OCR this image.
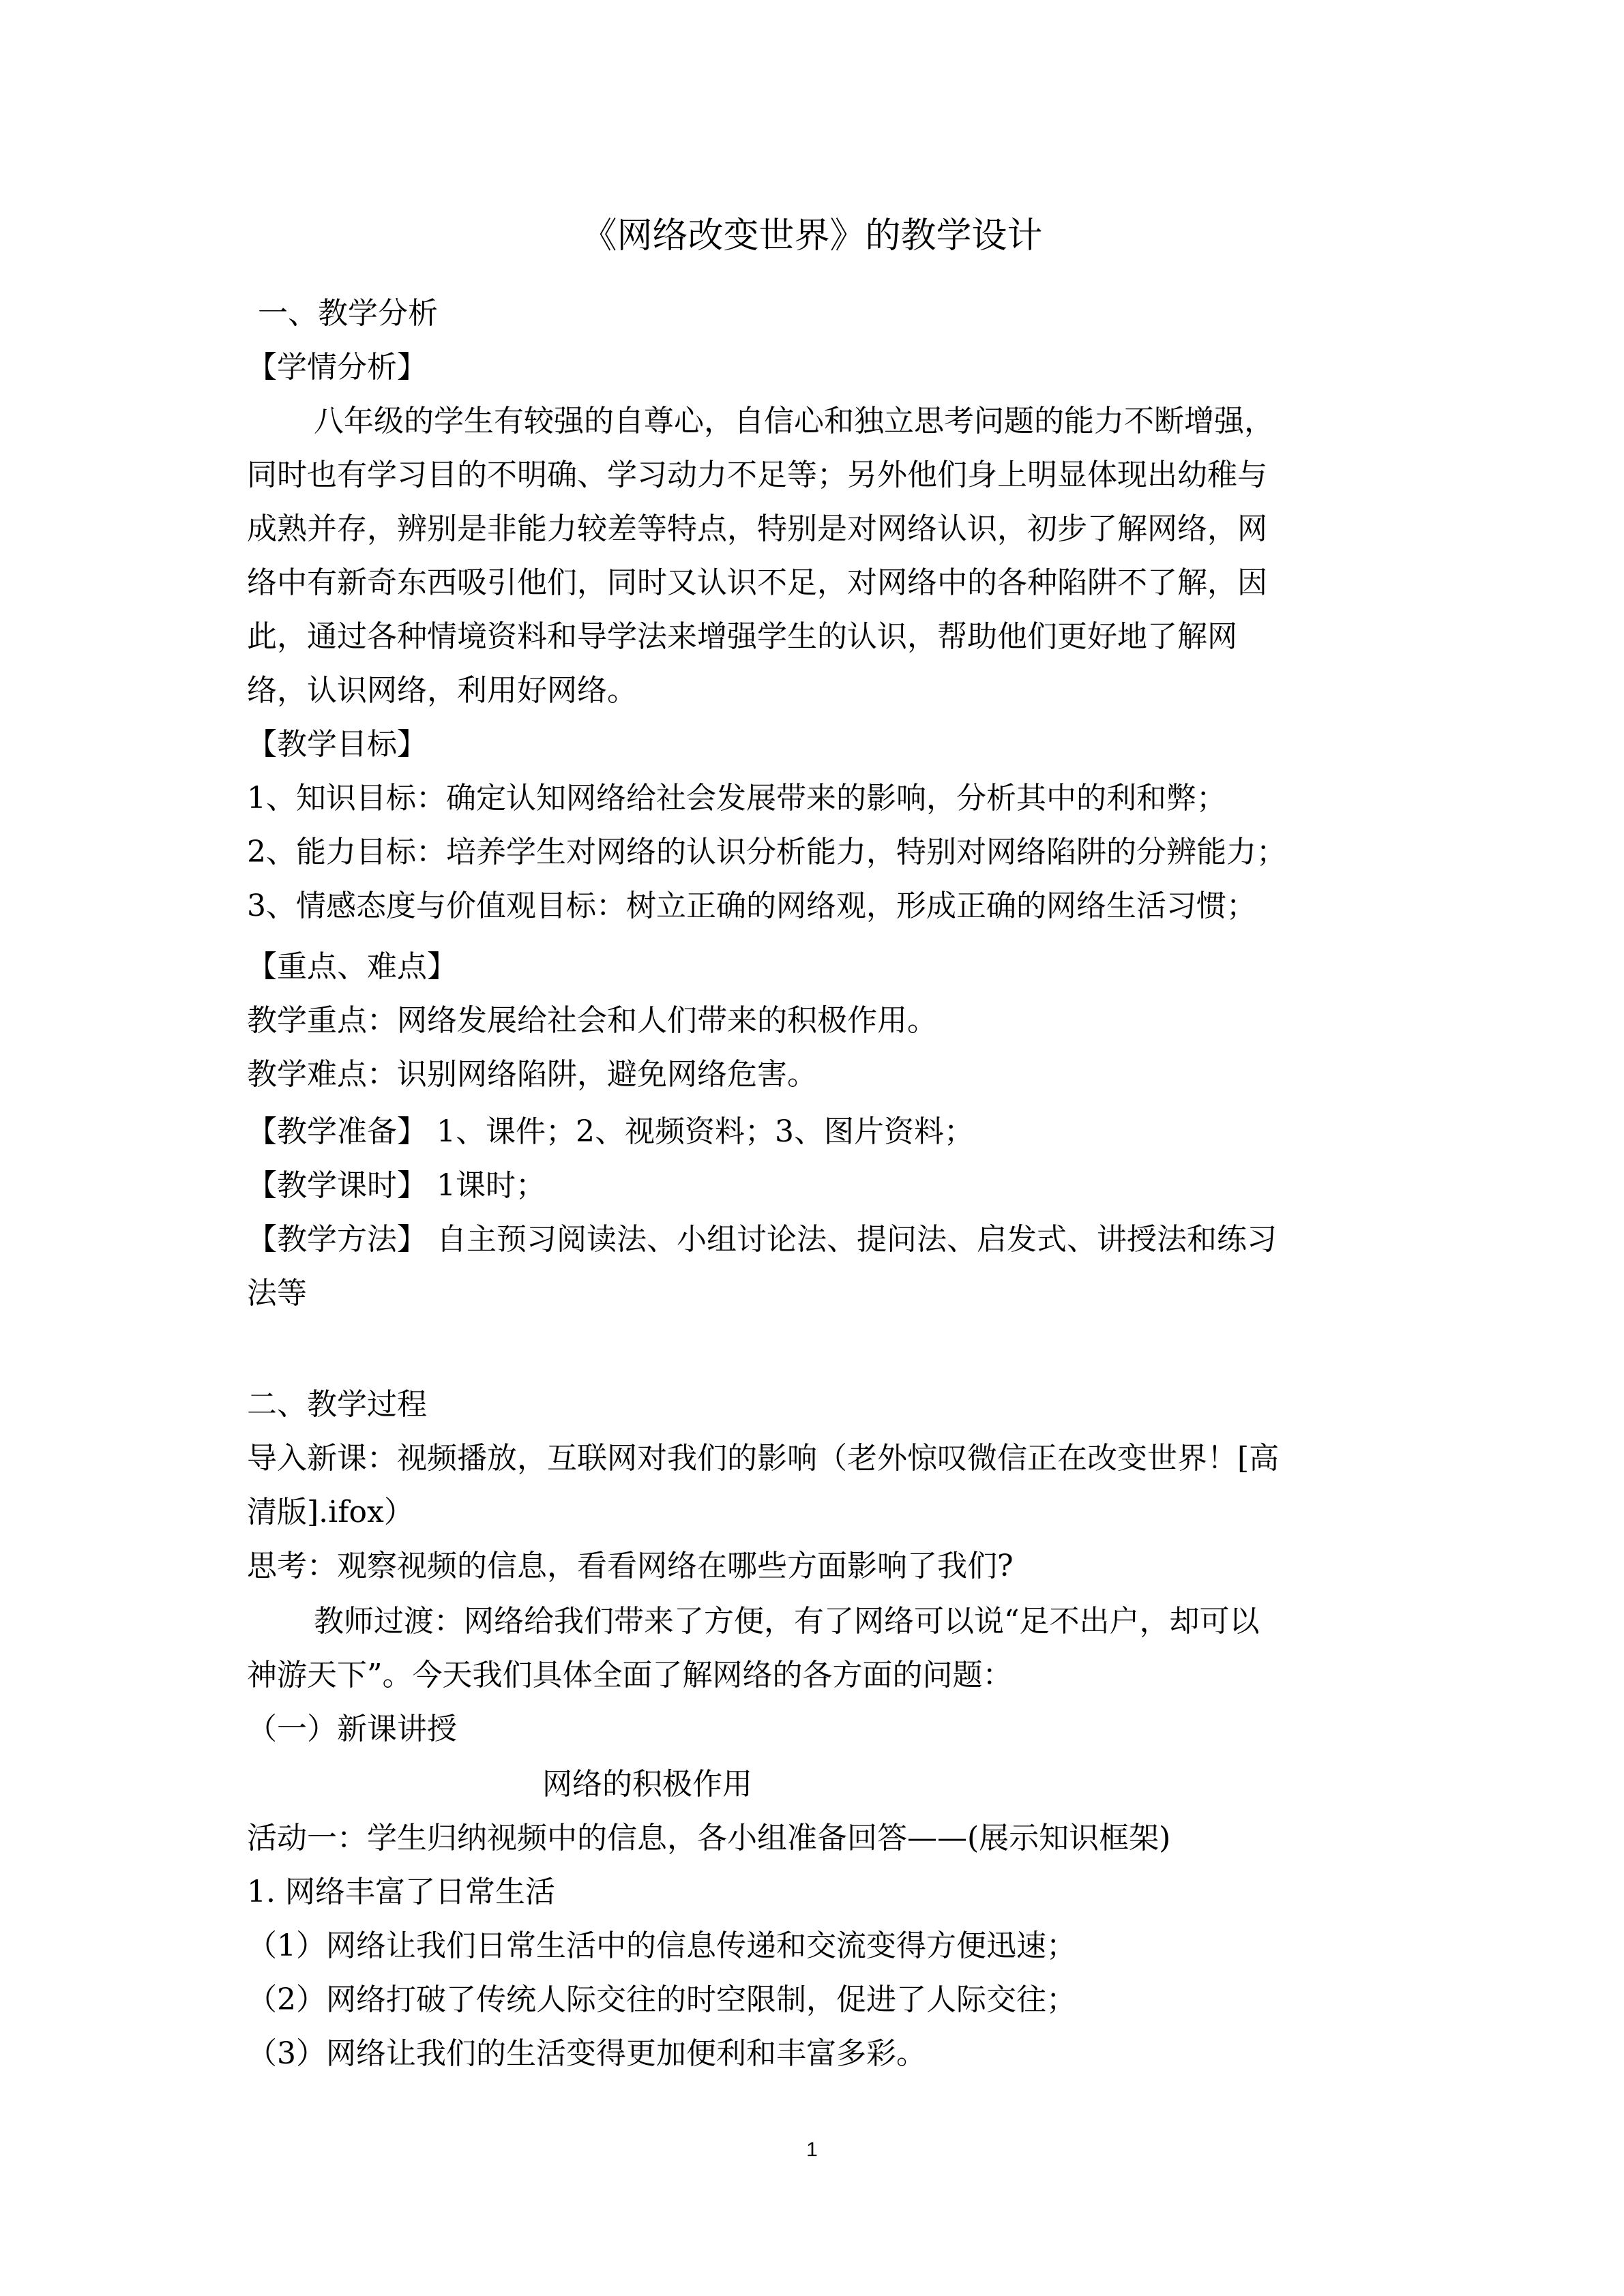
《网络改变世界》的教学设计
一、教学分析
【学情分析】
八年级的学生有较强的自尊心，自信心和独立思考问题的能力不断增强，
同时也有学习目的不明确、学习动力不足等；另外他们身上明显体现出幼稚与
成熟并存，辨别是非能力较差等特点，特别是对网络认识，初步了解网络，网
络中有新奇东西吸引他们，同时又认识不足，对网络中的各种陷阱不了解，因
此，通过各种情境资料和导学法来增强学生的认识，帮助他们更好地了解网
络，认识网络，利用好网络。
【教学目标】
1、知识目标：确定认知网络给社会发展带来的影响，分析其中的利和弊；
2、能力目标：培养学生对网络的认识分析能力，特别对网络陷阱的分辨能力；
3、情感态度与价值观目标：树立正确的网络观，形成正确的网络生活习惯；
【重点、难点】
教学重点：网络发展给社会和人们带来的积极作用。
教学难点：识别网络陷阱，避免网络危害。
【教学准备】 1、课件；2、视频资料；3、图片资料；
【教学课时】 1课时；
【教学方法】 自主预习阅读法、小组讨论法、提问法、启发式、讲授法和练习
法等
二、教学过程
导入新课：视频播放，互联网对我们的影响（老外惊叹微信正在改变世界！[高
清版].ifox）
思考：观察视频的信息，看看网络在哪些方面影响了我们?
教师过渡：网络给我们带来了方便，有了网络可以说“足不出户，却可以
神游天下”。今天我们具体全面了解网络的各方面的问题：
（一）新课讲授
网络的积极作用
活动一：学生归纳视频中的信息，各小组准备回答——(展示知识框架)
1. 网络丰富了日常生活
（1）网络让我们日常生活中的信息传递和交流变得方便迅速；
（2）网络打破了传统人际交往的时空限制，促进了人际交往；
（3）网络让我们的生活变得更加便利和丰富多彩。
1
